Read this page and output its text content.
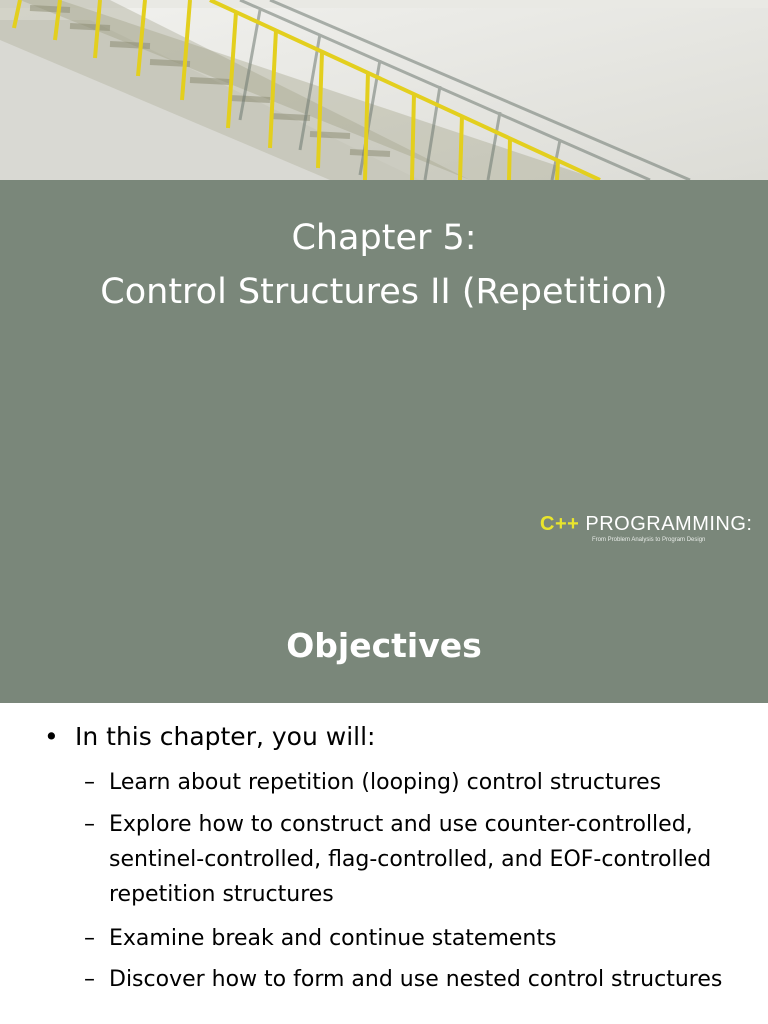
Chapter 5:
Control Structures II (Repetition)
C++ PROGRAMMING:
From Problem Analysis to Program Design
Objectives
• In this chapter, you will:
– Learn about repetition (looping) control structures
– Explore how to construct and use counter-controlled, sentinel-controlled, flag-controlled, and EOF-controlled repetition structures
– Examine break and continue statements
– Discover how to form and use nested control structures
